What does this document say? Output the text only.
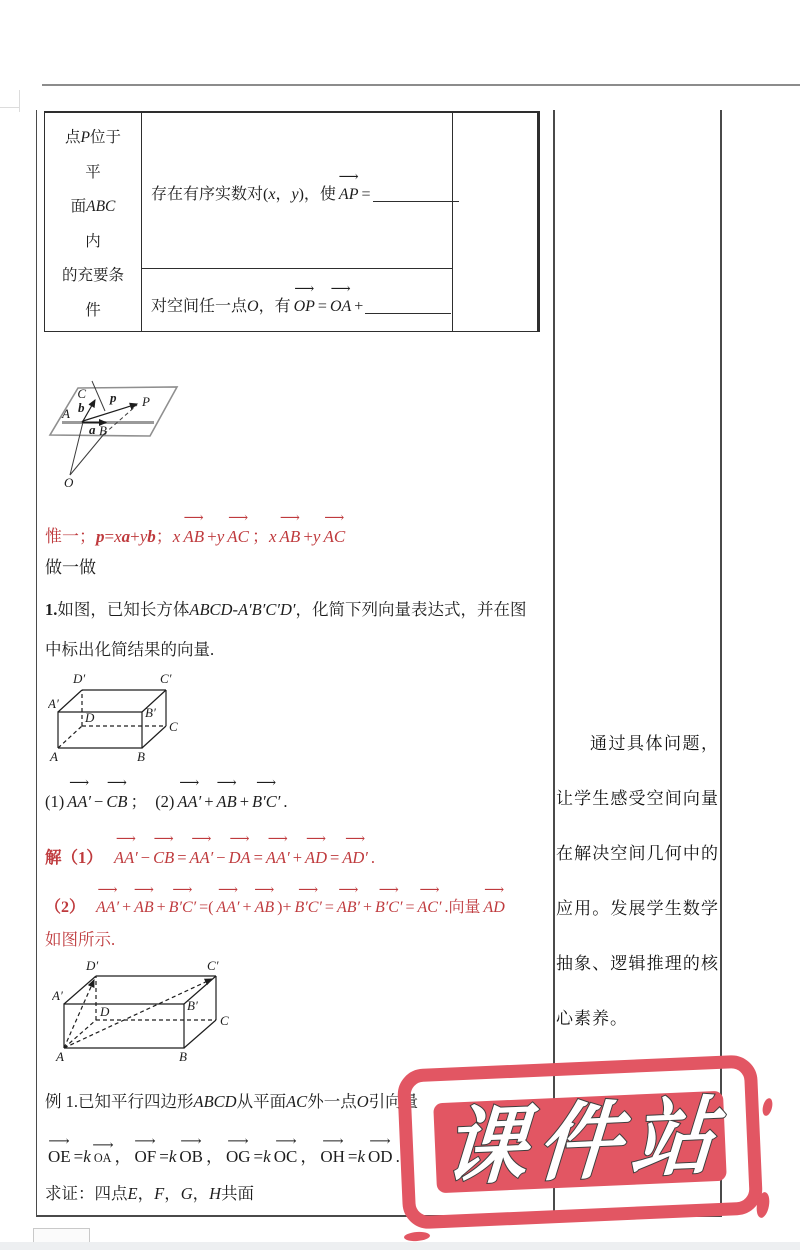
点P位于
平
面ABC
内
的充要条
件
存在有序实数对(x，y)，使 AP ⟶ =
对空间任一点O，有 OP ⟶ = OA ⟶ +
C
P
A
B
O
b
a
p
惟一；p=xa+yb；x AB ⟶ +y AC ⟶ ；x AB ⟶ +y AC ⟶
做一做
1.如图，已知长方体ABCD-A′B′C′D′，化简下列向量表达式，并在图
中标出化简结果的向量.
A	B
C
D
A′
B′
C′
D′
(1) AA′ ⟶ − CB ⟶ ；　(2) AA′ ⟶ + AB ⟶ + B′C′ ⟶ .
解（1）　AA′ ⟶ − CB ⟶ = AA′ ⟶ − DA ⟶ = AA′ ⟶ + AD ⟶ = AD′ ⟶ .
（2）　AA′ ⟶ + AB ⟶ + B′C′ ⟶ =( AA′ ⟶ + AB ⟶ )+ B′C′ ⟶ = AB′ ⟶ + B′C′ ⟶ = AC′ ⟶ .向量 AD ⟶
如图所示.
A	B
C
D
A′
B′
C′
D′
例 1.已知平行四边形ABCD从平面AC外一点O引向量
OE ⟶ =k OA ⟶ ，OF ⟶ =k OB ⟶ ，OG ⟶ =k OC ⟶ ，OH ⟶ =k OD ⟶ .
求证：四点E，F，G，H共面
通过具体问题，让学生感受空间向量在解决空间几何中的应用。发展学生数学抽象、逻辑推理的核心素养。
课件站
